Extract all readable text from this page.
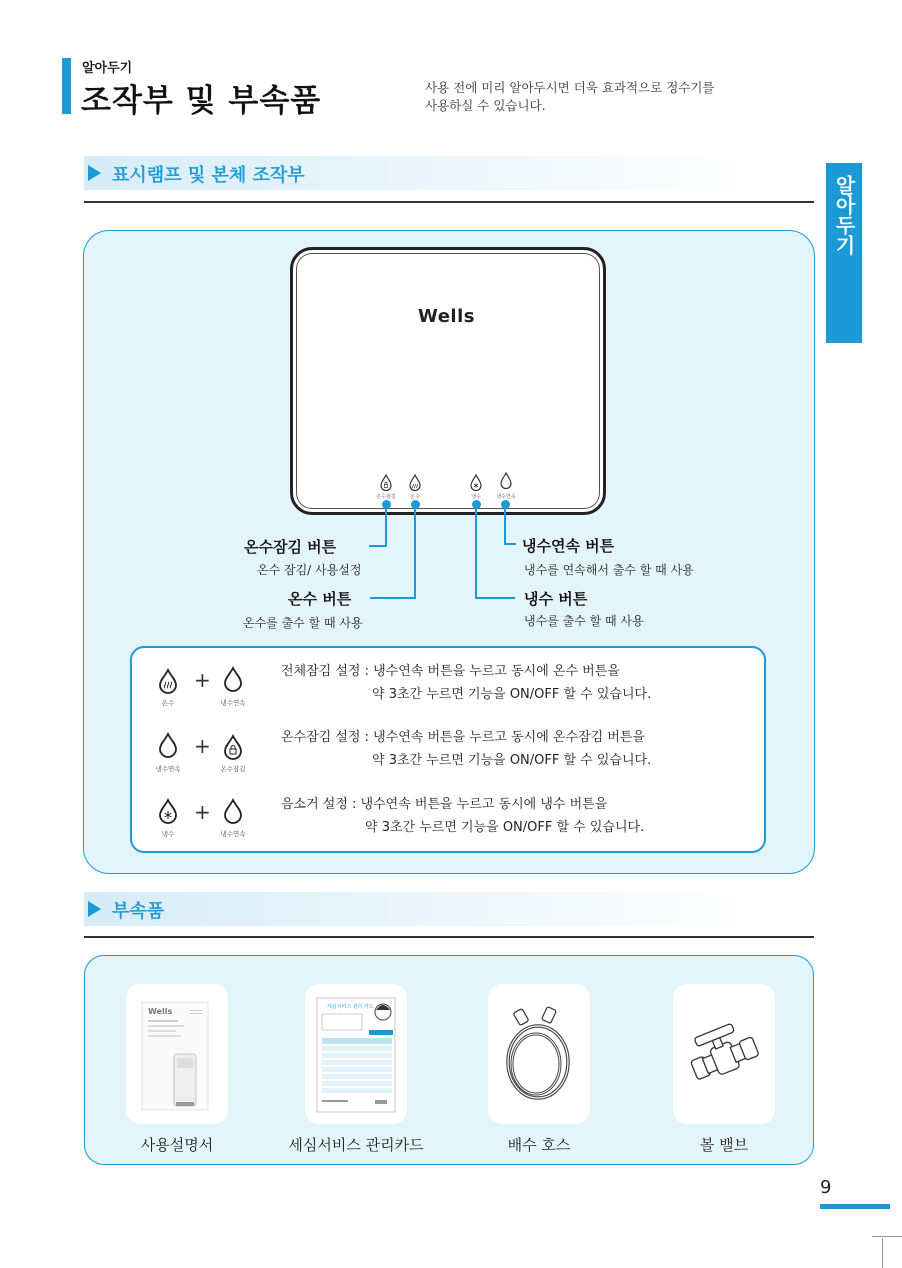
알아두기
조작부 및 부속품	사용 전에 미리 알아두시면 더욱 효과적으로 정수기를
사용하실 수 있습니다.
알아두기
표시램프 및 본체 조작부
Wells
온수잠김	온수	냉수	냉수연속
온수잠김 버튼
온수 잠김/ 사용설정
온수 버튼
온수를 출수 할 때 사용
냉수연속 버튼
냉수를 연속해서 출수 할 때 사용
냉수 버튼
냉수를 출수 할 때 사용
+
온수	냉수연속
전체잠김 설정 : 냉수연속 버튼을 누르고 동시에 온수 버튼을
약 3초간 누르면 기능을 ON/OFF 할 수 있습니다.
+
냉수연속	온수잠김
온수잠김 설정 : 냉수연속 버튼을 누르고 동시에 온수잠김 버튼을
약 3초간 누르면 기능을 ON/OFF 할 수 있습니다.
+
냉수	냉수연속
음소거 설정 : 냉수연속 버튼을 누르고 동시에 냉수 버튼을
약 3초간 누르면 기능을 ON/OFF 할 수 있습니다.
부속품
Wells	세심서비스 관리 카드
사용설명서	세심서비스 관리카드	배수 호스	볼 밸브
9
